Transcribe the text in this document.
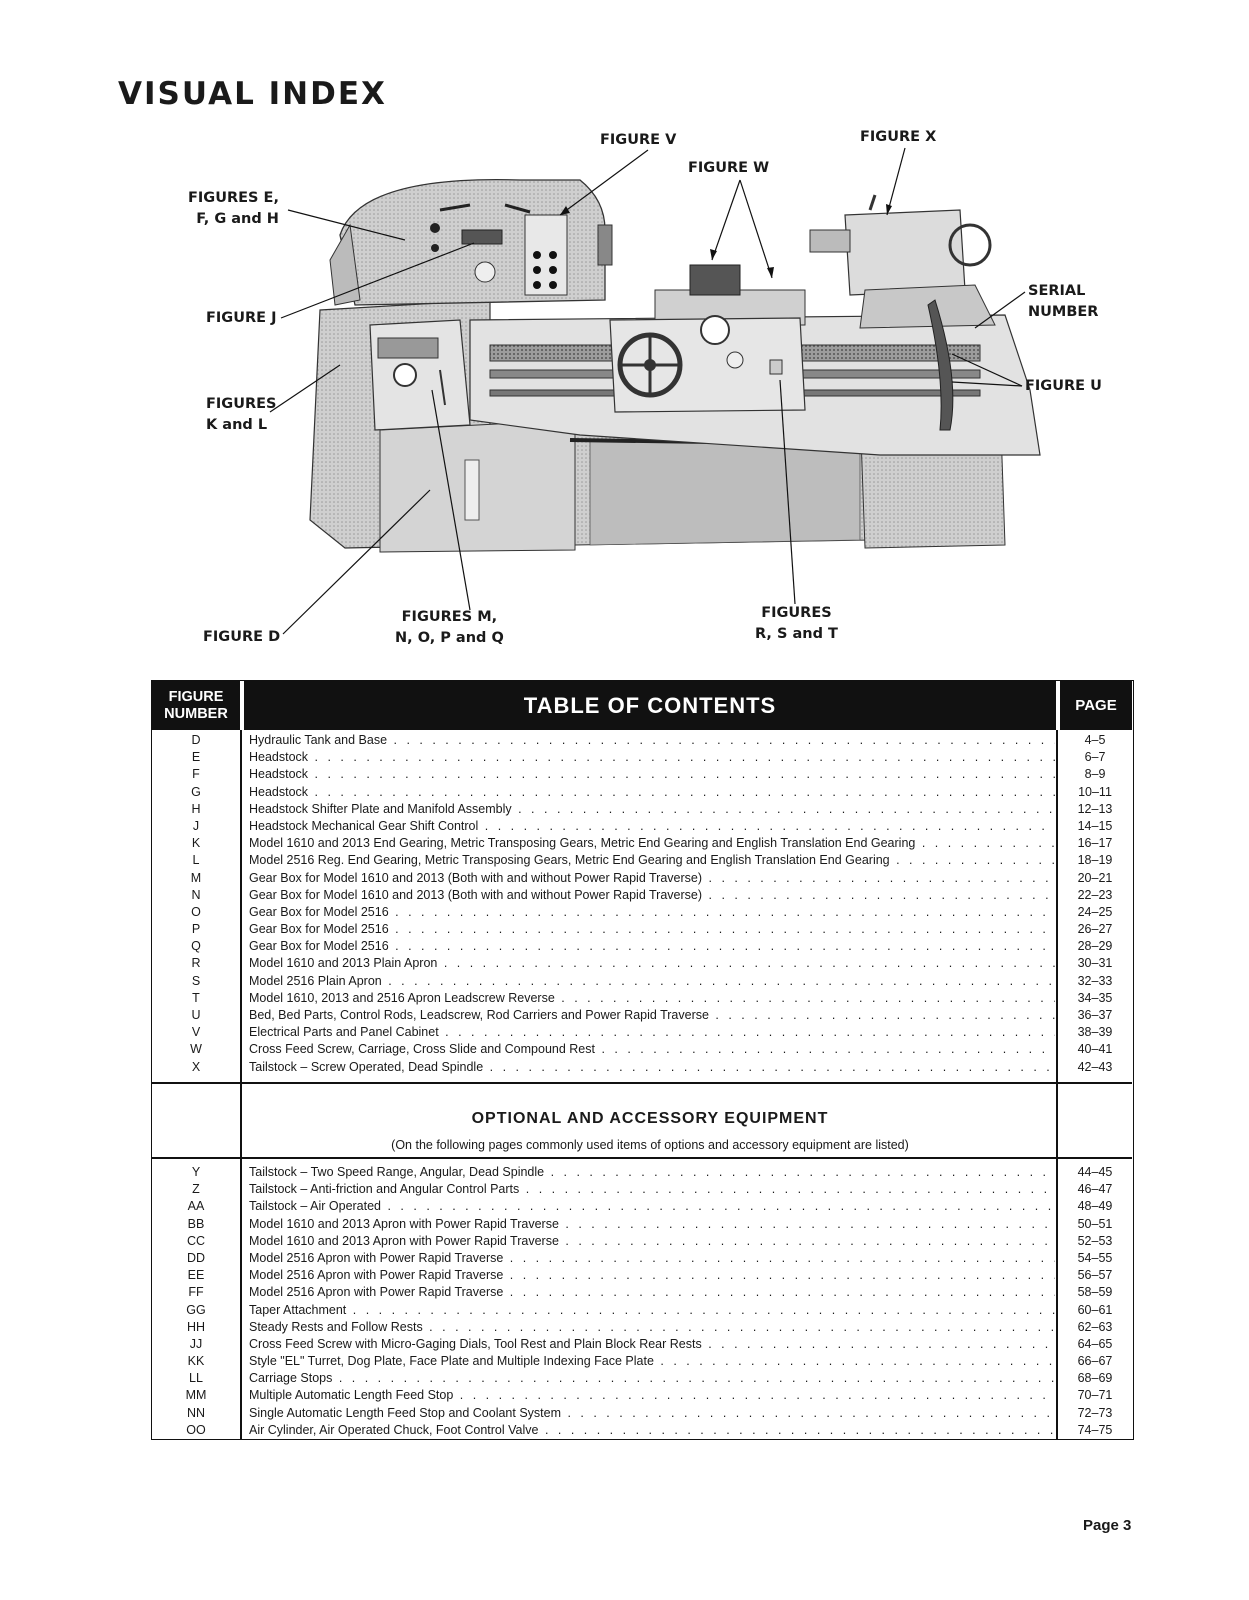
VISUAL INDEX
FIGURE V	FIGURE X
FIGURE W
FIGURES E,
F, G and H
FIGURE J
SERIAL
NUMBER
FIGURES
K and L
FIGURE U
FIGURE D
FIGURES M,
N, O, P and Q
FIGURES
R, S and T
FIGURE
NUMBER	TABLE OF CONTENTS	PAGE
D	Hydraulic Tank and Base . . .	4–5
E	Headstock . . .	6–7
F	Headstock . . .	8–9
G	Headstock . . .	10–11
H	Headstock Shifter Plate and Manifold Assembly . . .	12–13
J	Headstock Mechanical Gear Shift Control . . .	14–15
K	Model 1610 and 2013 End Gearing, Metric Transposing Gears, Metric End Gearing and English Translation End Gearing . . .	16–17
L	Model 2516 Reg. End Gearing, Metric Transposing Gears, Metric End Gearing and English Translation End Gearing . . .	18–19
M	Gear Box for Model 1610 and 2013 (Both with and without Power Rapid Traverse) . . .	20–21
N	Gear Box for Model 1610 and 2013 (Both with and without Power Rapid Traverse) . . .	22–23
O	Gear Box for Model 2516 . . .	24–25
P	Gear Box for Model 2516 . . .	26–27
Q	Gear Box for Model 2516 . . .	28–29
R	Model 1610 and 2013 Plain Apron . . .	30–31
S	Model 2516 Plain Apron . . .	32–33
T	Model 1610, 2013 and 2516 Apron Leadscrew Reverse . . .	34–35
U	Bed, Bed Parts, Control Rods, Leadscrew, Rod Carriers and Power Rapid Traverse . . .	36–37
V	Electrical Parts and Panel Cabinet . . .	38–39
W	Cross Feed Screw, Carriage, Cross Slide and Compound Rest . . .	40–41
X	Tailstock – Screw Operated, Dead Spindle . . .	42–43
OPTIONAL AND ACCESSORY EQUIPMENT
(On the following pages commonly used items of options and accessory equipment are listed)
Y	Tailstock – Two Speed Range, Angular, Dead Spindle . . .	44–45
Z	Tailstock – Anti-friction and Angular Control Parts . . .	46–47
AA	Tailstock – Air Operated . . .	48–49
BB	Model 1610 and 2013 Apron with Power Rapid Traverse . . .	50–51
CC	Model 1610 and 2013 Apron with Power Rapid Traverse . . .	52–53
DD	Model 2516 Apron with Power Rapid Traverse . . .	54–55
EE	Model 2516 Apron with Power Rapid Traverse . . .	56–57
FF	Model 2516 Apron with Power Rapid Traverse . . .	58–59
GG	Taper Attachment . . .	60–61
HH	Steady Rests and Follow Rests . . .	62–63
JJ	Cross Feed Screw with Micro-Gaging Dials, Tool Rest and Plain Block Rear Rests . . .	64–65
KK	Style "EL" Turret, Dog Plate, Face Plate and Multiple Indexing Face Plate . . .	66–67
LL	Carriage Stops . . .	68–69
MM	Multiple Automatic Length Feed Stop . . .	70–71
NN	Single Automatic Length Feed Stop and Coolant System . . .	72–73
OO	Air Cylinder, Air Operated Chuck, Foot Control Valve . . .	74–75
Page 3
